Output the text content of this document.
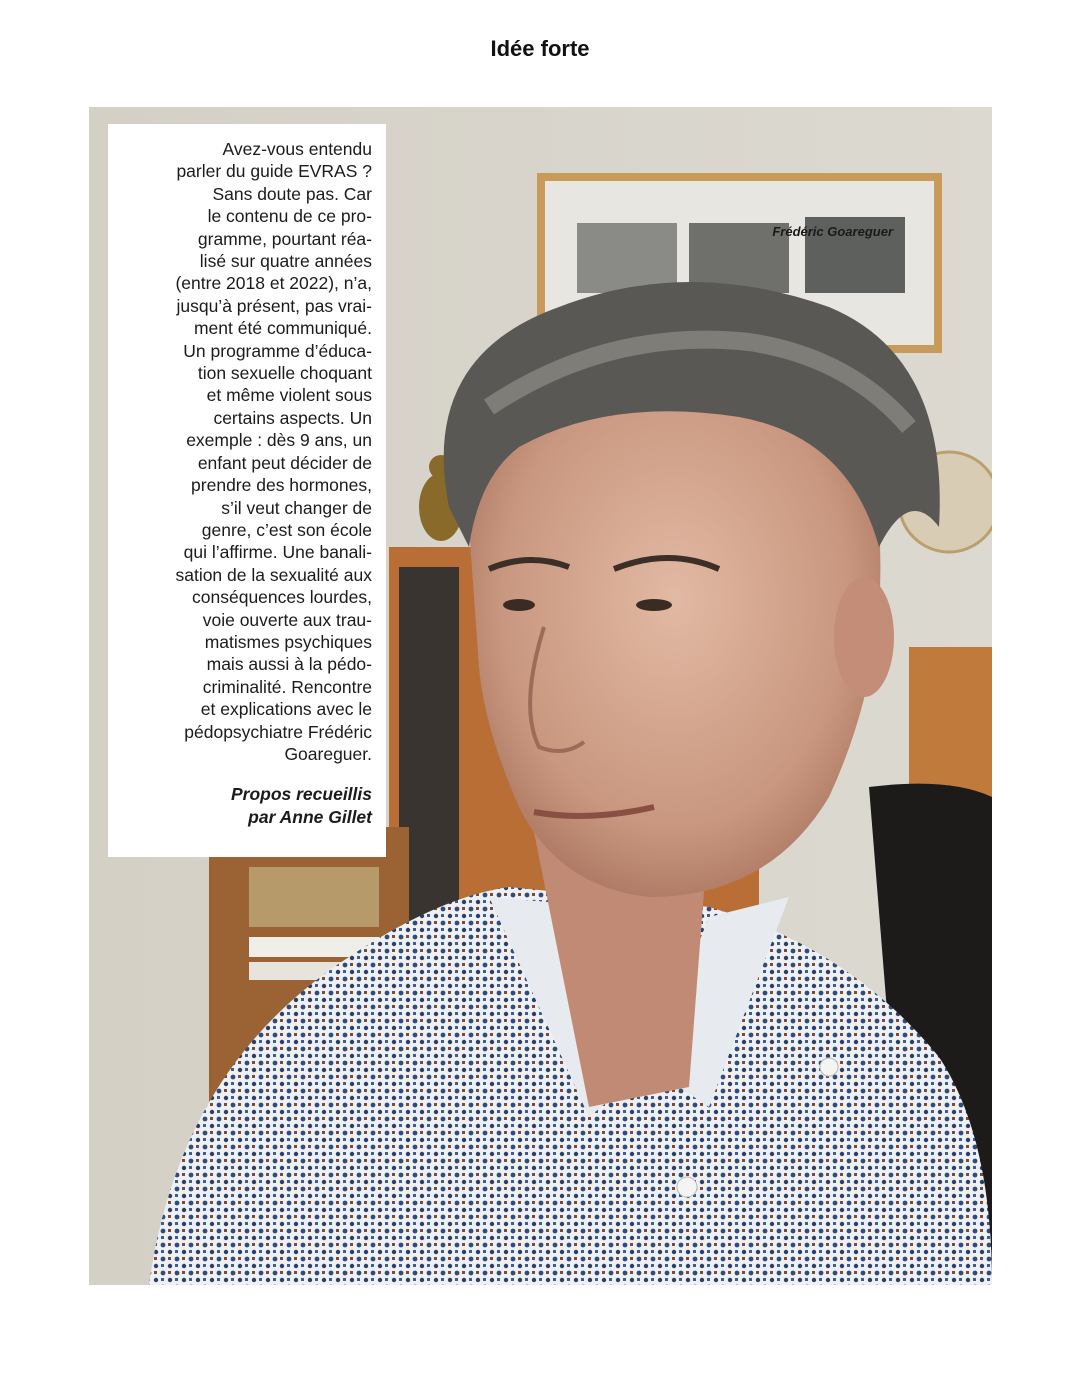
Idée forte
Frédéric Goareguer

Avez-vous entendu
parler du guide EVRAS ?
Sans doute pas. Car
le contenu de ce pro-
gramme, pourtant réa-
lisé sur quatre années
(entre 2018 et 2022), n’a,
jusqu’à présent, pas vrai-
ment été communiqué.
Un programme d’éduca-
tion sexuelle choquant
et même violent sous
certains aspects. Un
exemple : dès 9 ans, un
enfant peut décider de
prendre des hormones,
s’il veut changer de
genre, c’est son école
qui l’affirme. Une banali-
sation de la sexualité aux
conséquences lourdes,
voie ouverte aux trau-
matismes psychiques
mais aussi à la pédo-
criminalité. Rencontre
et explications avec le
pédopsychiatre Frédéric
Goareguer.

Propos recueillis
par Anne Gillet
